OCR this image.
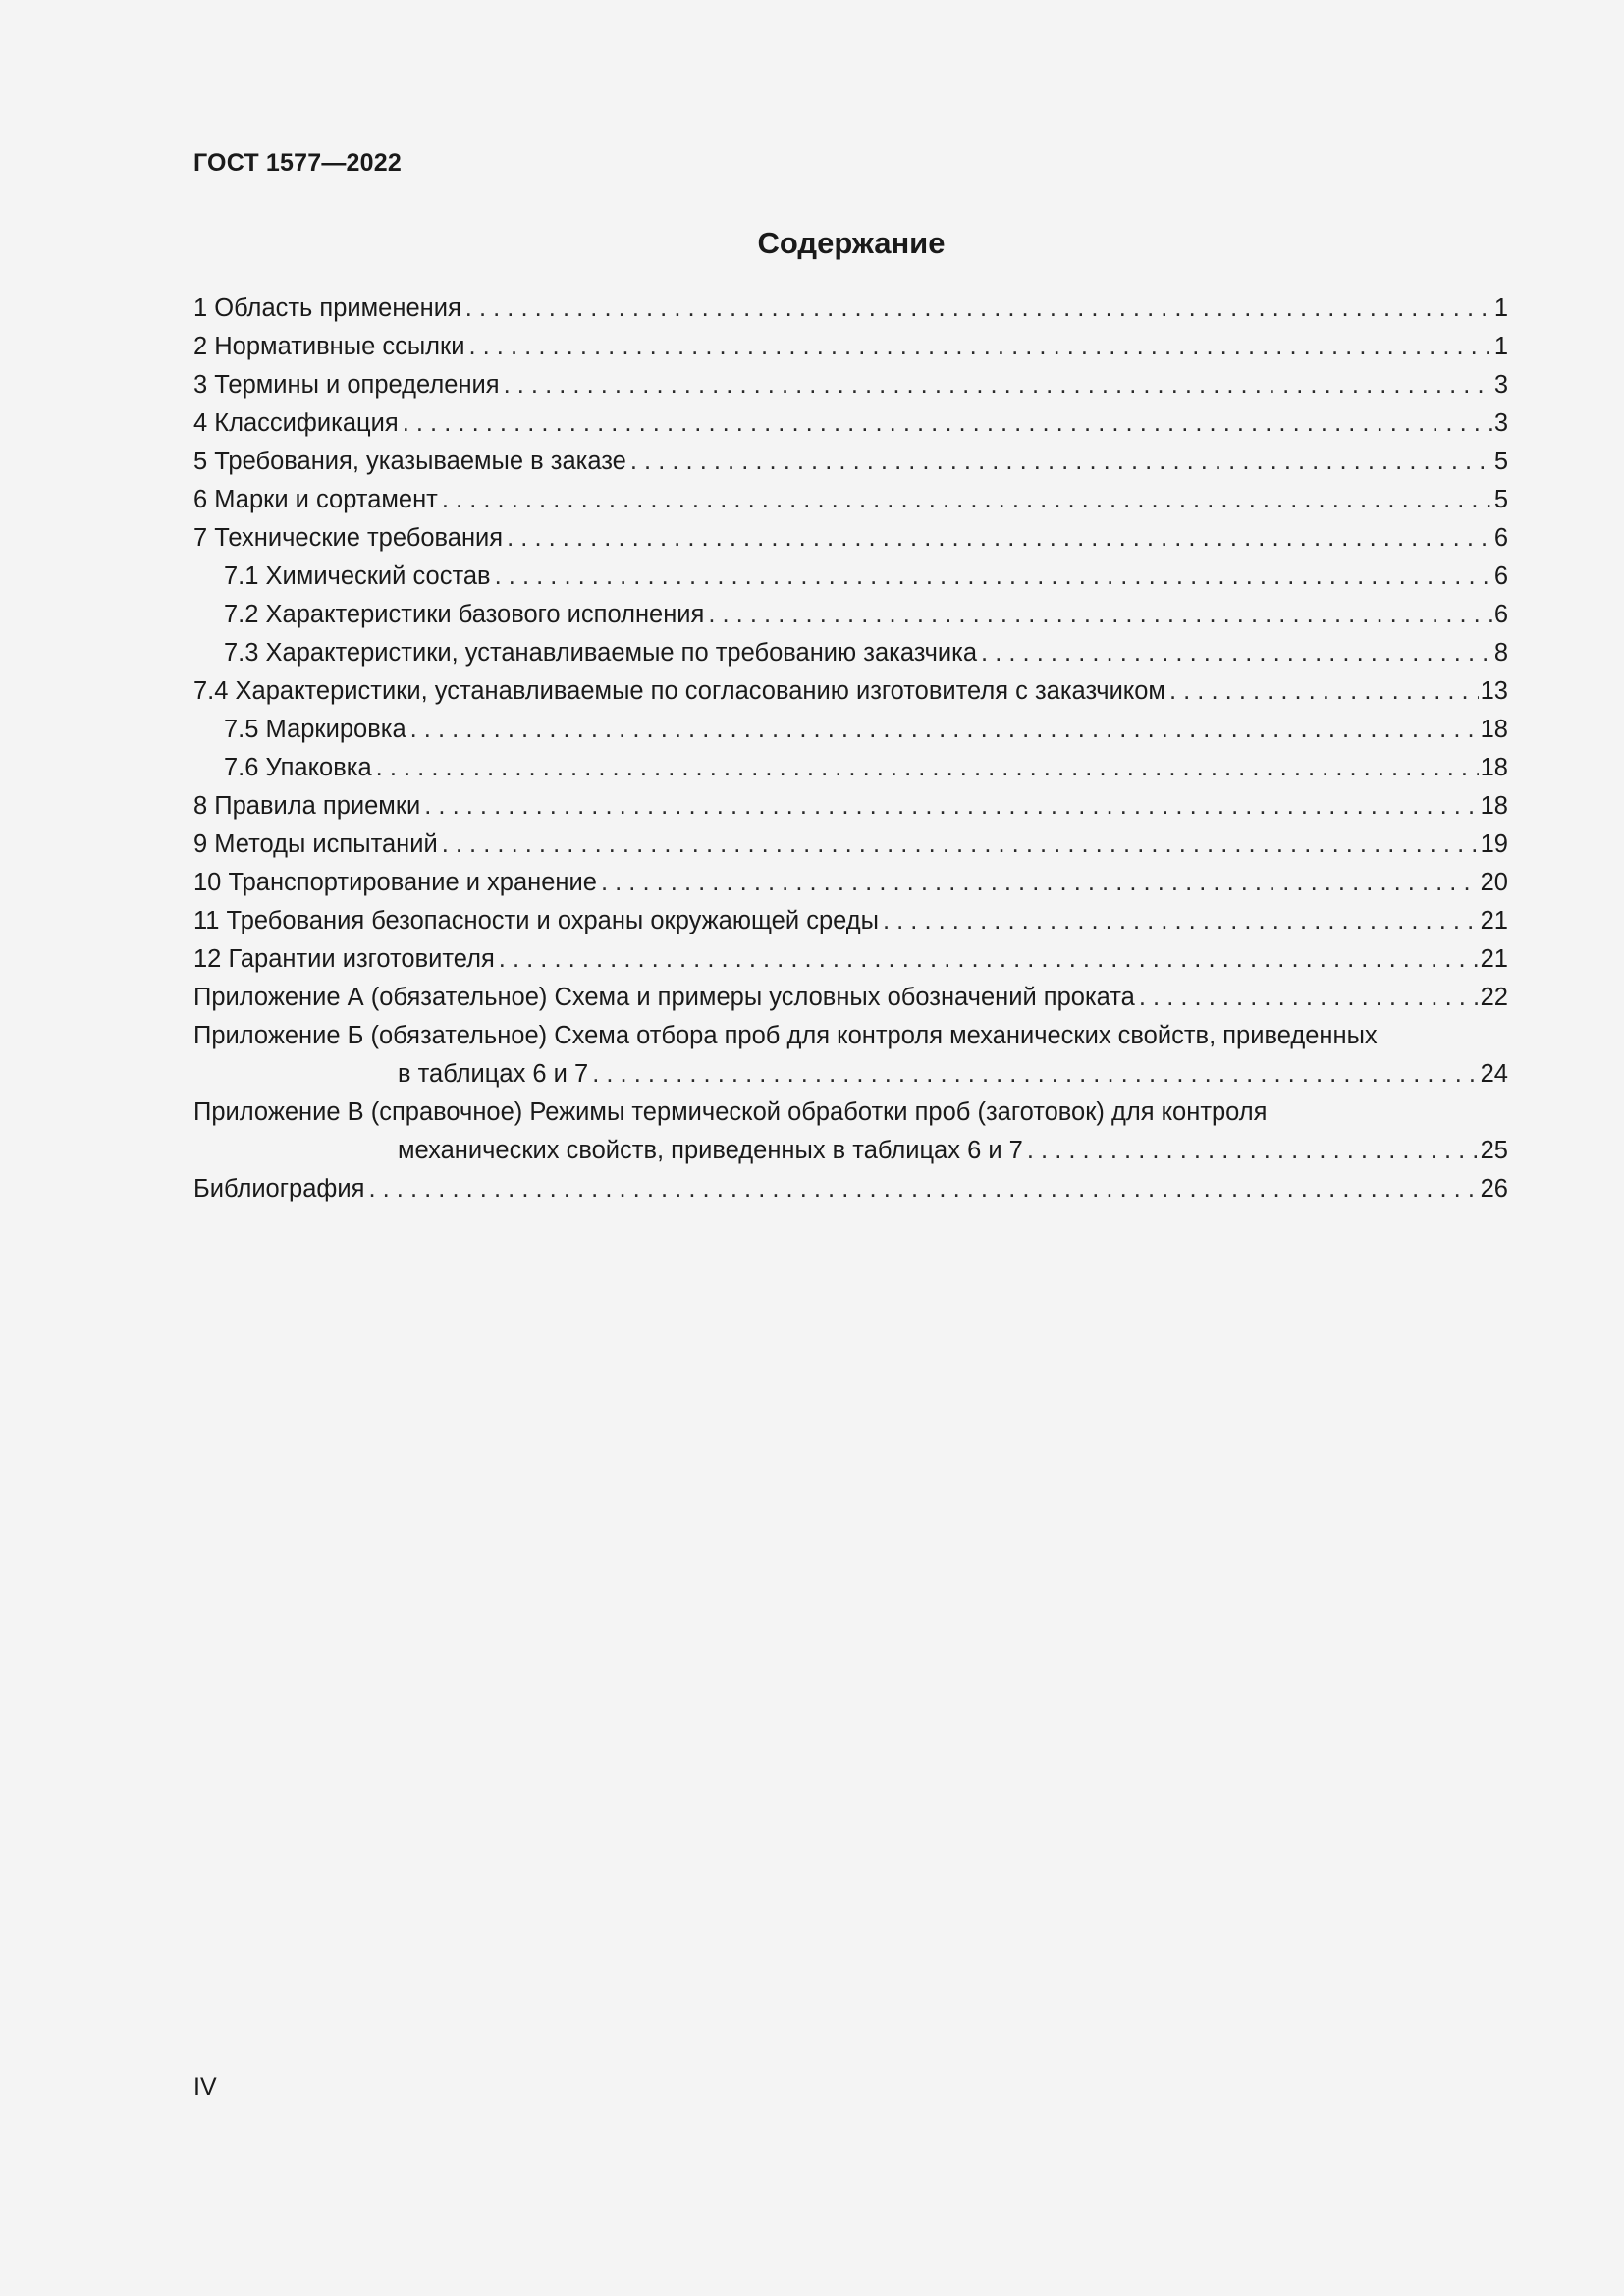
ГОСТ 1577—2022
Содержание
1 Область применения . . .	1
2 Нормативные ссылки . . .	1
3 Термины и определения . . .	3
4 Классификация . . .	3
5 Требования, указываемые в заказе . . .	5
6 Марки и сортамент . . .	5
7 Технические требования . . .	6
7.1 Химический состав . . .	6
7.2 Характеристики базового исполнения . . .	6
7.3 Характеристики, устанавливаемые по требованию заказчика . . .	8
7.4 Характеристики, устанавливаемые по согласованию изготовителя с заказчиком . . .	13
7.5 Маркировка . . .	18
7.6 Упаковка . . .	18
8 Правила приемки . . .	18
9 Методы испытаний . . .	19
10 Транспортирование и хранение . . .	20
11 Требования безопасности и охраны окружающей среды . . .	21
12 Гарантии изготовителя . . .	21
Приложение А (обязательное) Схема и примеры условных обозначений проката . . .	22
Приложение Б (обязательное) Схема отбора проб для контроля механических свойств, приведенных
в таблицах 6 и 7 . . .	24
Приложение В (справочное) Режимы термической обработки проб (заготовок) для контроля
механических свойств, приведенных в таблицах 6 и 7 . . .	25
Библиография . . .	26
IV
